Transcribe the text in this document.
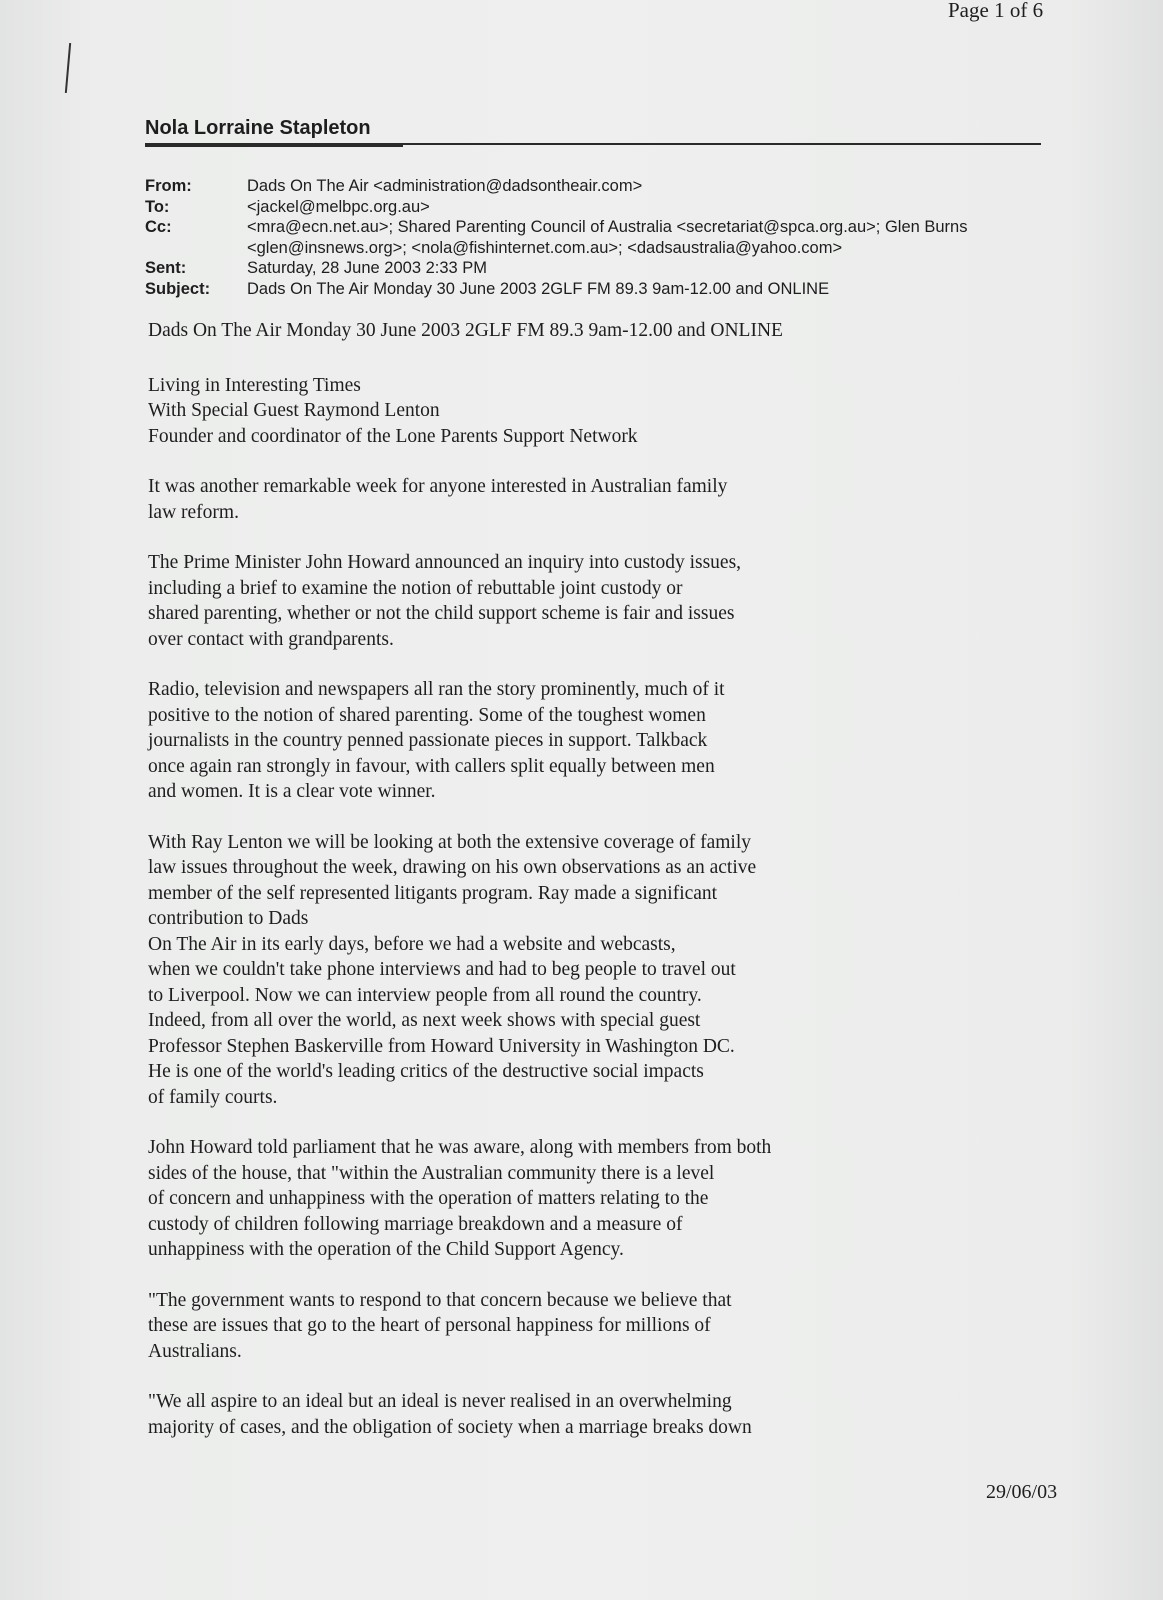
Page 1 of 6
Nola Lorraine Stapleton
From:	Dads On The Air <administration@dadsontheair.com>
To:	<jackel@melbpc.org.au>
Cc:	<mra@ecn.net.au>; Shared Parenting Council of Australia <secretariat@spca.org.au>; Glen Burns <glen@insnews.org>; <nola@fishinternet.com.au>; <dadsaustralia@yahoo.com>
Sent:	Saturday, 28 June 2003 2:33 PM
Subject:	Dads On The Air Monday 30 June 2003 2GLF FM 89.3 9am-12.00 and ONLINE

Dads On The Air Monday 30 June 2003 2GLF FM 89.3 9am-12.00 and ONLINE

Living in Interesting Times
With Special Guest Raymond Lenton
Founder and coordinator of the Lone Parents Support Network

It was another remarkable week for anyone interested in Australian family
law reform.

The Prime Minister John Howard announced an inquiry into custody issues,
including a brief to examine the notion of rebuttable joint custody or
shared parenting, whether or not the child support scheme is fair and issues
over contact with grandparents.

Radio, television and newspapers all ran the story prominently, much of it
positive to the notion of shared parenting. Some of the toughest women
journalists in the country penned passionate pieces in support. Talkback
once again ran strongly in favour, with callers split equally between men
and women. It is a clear vote winner.

With Ray Lenton we will be looking at both the extensive coverage of family
law issues throughout the week, drawing on his own observations as an active
member of the self represented litigants program. Ray made a significant
contribution to Dads
On The Air in its early days, before we had a website and webcasts,
when we couldn't take phone interviews and had to beg people to travel out
to Liverpool. Now we can interview people from all round the country.
Indeed, from all over the world, as next week shows with special guest
Professor Stephen Baskerville from Howard University in Washington DC.
He is one of the world's leading critics of the destructive social impacts
of family courts.

John Howard told parliament that he was aware, along with members from both
sides of the house, that "within the Australian community there is a level
of concern and unhappiness with the operation of matters relating to the
custody of children following marriage breakdown and a measure of
unhappiness with the operation of the Child Support Agency.

"The government wants to respond to that concern because we believe that
these are issues that go to the heart of personal happiness for millions of
Australians.

"We all aspire to an ideal but an ideal is never realised in an overwhelming
majority of cases, and the obligation of society when a marriage breaks down

29/06/03
